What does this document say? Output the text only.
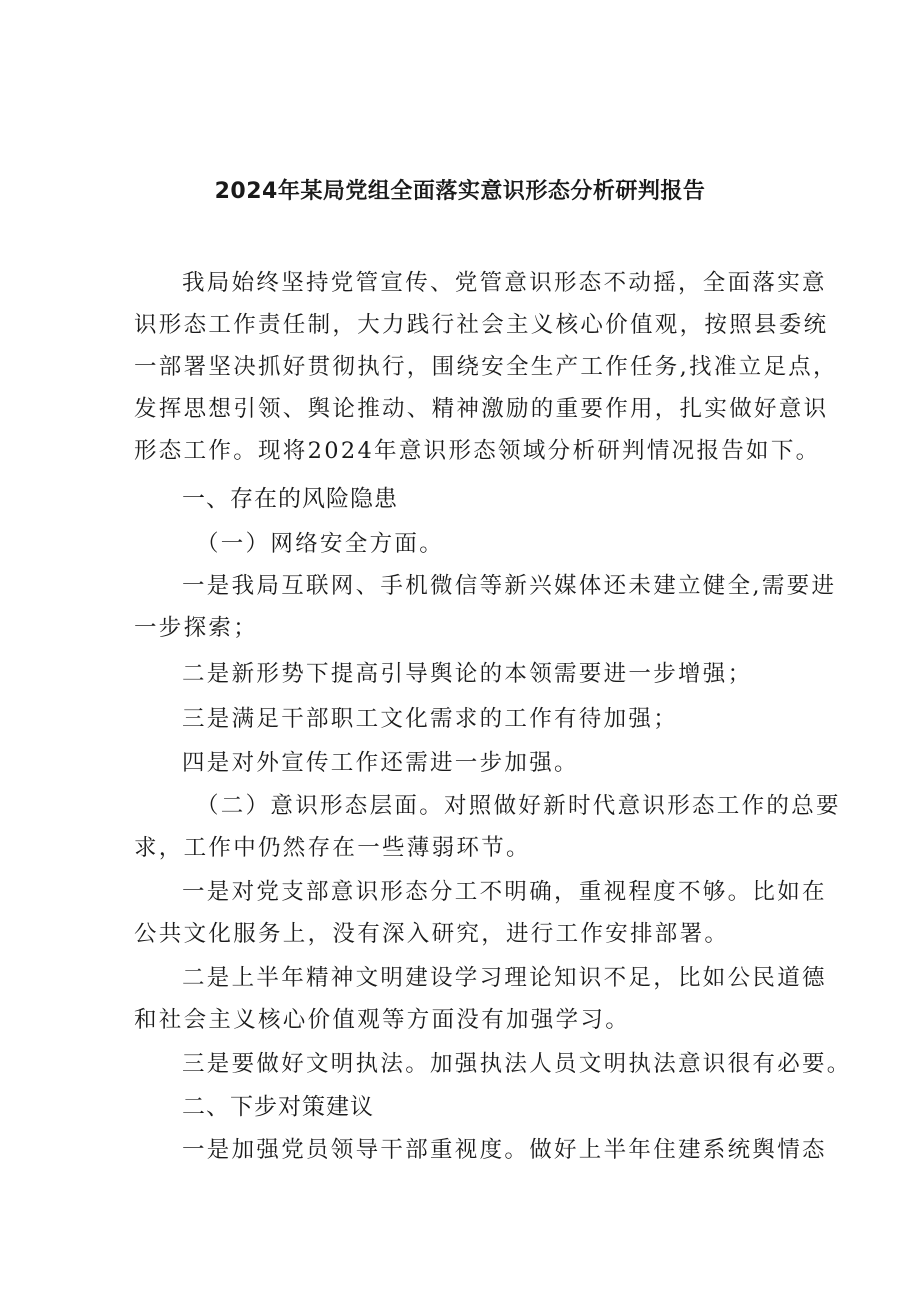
2024年某局党组全面落实意识形态分析研判报告
我局始终坚持党管宣传、党管意识形态不动摇，全面落实意
识形态工作责任制，大力践行社会主义核心价值观，按照县委统
一部署坚决抓好贯彻执行，围绕安全生产工作任务,找准立足点，
发挥思想引领、舆论推动、精神激励的重要作用，扎实做好意识
形态工作。现将2024年意识形态领域分析研判情况报告如下。
一、存在的风险隐患
（一）网络安全方面。
一是我局互联网、手机微信等新兴媒体还未建立健全,需要进
一步探索；
二是新形势下提高引导舆论的本领需要进一步增强；
三是满足干部职工文化需求的工作有待加强；
四是对外宣传工作还需进一步加强。
（二）意识形态层面。对照做好新时代意识形态工作的总要
求，工作中仍然存在一些薄弱环节。
一是对党支部意识形态分工不明确，重视程度不够。比如在
公共文化服务上，没有深入研究，进行工作安排部署。
二是上半年精神文明建设学习理论知识不足，比如公民道德
和社会主义核心价值观等方面没有加强学习。
三是要做好文明执法。加强执法人员文明执法意识很有必要。
二、下步对策建议
一是加强党员领导干部重视度。做好上半年住建系统舆情态
